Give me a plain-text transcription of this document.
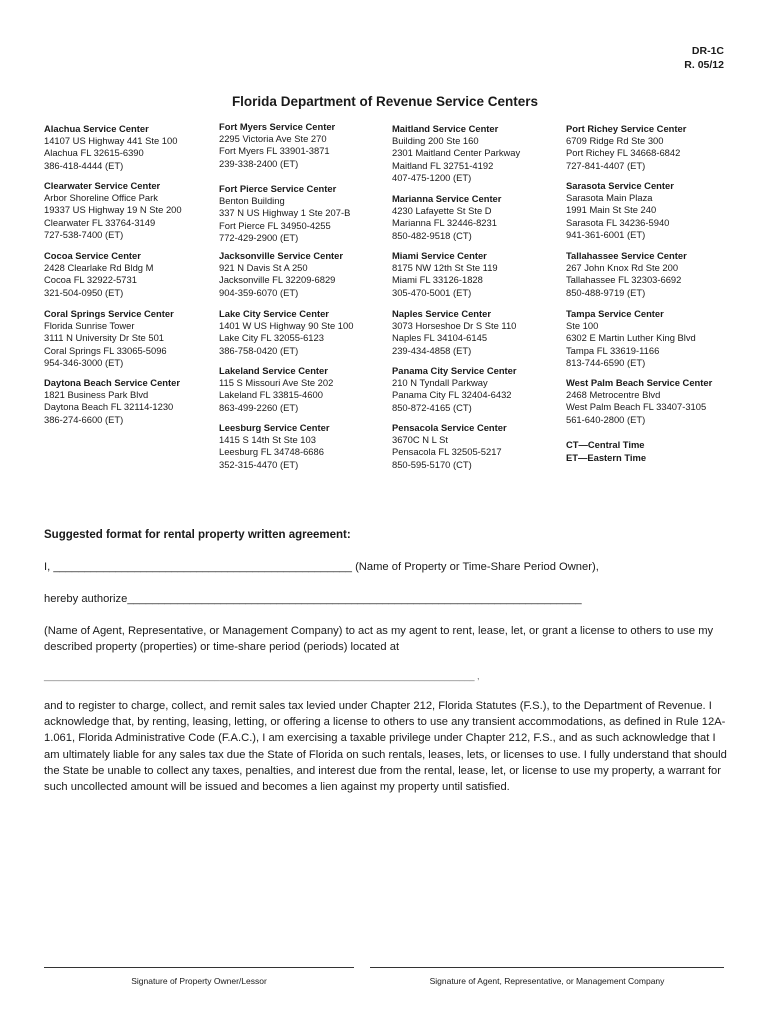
DR-1C
R. 05/12
Florida Department of Revenue Service Centers
Alachua Service Center
14107 US Highway 441 Ste 100
Alachua FL 32615-6390
386-418-4444 (ET)
Clearwater Service Center
Arbor Shoreline Office Park
19337 US Highway 19 N Ste 200
Clearwater FL 33764-3149
727-538-7400 (ET)
Cocoa Service Center
2428 Clearlake Rd Bldg M
Cocoa FL 32922-5731
321-504-0950 (ET)
Coral Springs Service Center
Florida Sunrise Tower
3111 N University Dr Ste 501
Coral Springs FL 33065-5096
954-346-3000 (ET)
Daytona Beach Service Center
1821 Business Park Blvd
Daytona Beach FL 32114-1230
386-274-6600 (ET)
Fort Myers Service Center
2295 Victoria Ave Ste 270
Fort Myers FL 33901-3871
239-338-2400 (ET)
Fort Pierce Service Center
Benton Building
337 N US Highway 1 Ste 207-B
Fort Pierce FL 34950-4255
772-429-2900 (ET)
Jacksonville Service Center
921 N Davis St A 250
Jacksonville FL 32209-6829
904-359-6070 (ET)
Lake City Service Center
1401 W US Highway 90 Ste 100
Lake City FL 32055-6123
386-758-0420 (ET)
Lakeland Service Center
115 S Missouri Ave Ste 202
Lakeland FL 33815-4600
863-499-2260 (ET)
Leesburg Service Center
1415 S 14th St Ste 103
Leesburg FL 34748-6686
352-315-4470 (ET)
Maitland Service Center
Building 200 Ste 160
2301 Maitland Center Parkway
Maitland FL 32751-4192
407-475-1200 (ET)
Marianna Service Center
4230 Lafayette St Ste D
Marianna FL 32446-8231
850-482-9518 (CT)
Miami Service Center
8175 NW 12th St Ste 119
Miami FL 33126-1828
305-470-5001 (ET)
Naples Service Center
3073 Horseshoe Dr S Ste 110
Naples FL 34104-6145
239-434-4858 (ET)
Panama City Service Center
210 N Tyndall Parkway
Panama City FL 32404-6432
850-872-4165 (CT)
Pensacola Service Center
3670C N L St
Pensacola FL 32505-5217
850-595-5170 (CT)
Port Richey Service Center
6709 Ridge Rd Ste 300
Port Richey FL 34668-6842
727-841-4407 (ET)
Sarasota Service Center
Sarasota Main Plaza
1991 Main St Ste 240
Sarasota FL 34236-5940
941-361-6001 (ET)
Tallahassee Service Center
267 John Knox Rd Ste 200
Tallahassee FL 32303-6692
850-488-9719 (ET)
Tampa Service Center
Ste 100
6302 E Martin Luther King Blvd
Tampa FL 33619-1166
813-744-6590 (ET)
West Palm Beach Service Center
2468 Metrocentre Blvd
West Palm Beach FL 33407-3105
561-640-2800 (ET)
CT—Central Time
ET—Eastern Time
Suggested format for rental property written agreement:
I, ________________________________________________ (Name of Property or Time-Share Period Owner),
hereby authorize_________________________________________________________________________
(Name of Agent, Representative, or Management Company) to act as my agent to rent, lease, let, or grant a license to others to use my described property (properties) or time-share period (periods) located at
______________________________________________________________________________________ ,
and to register to charge, collect, and remit sales tax levied under Chapter 212, Florida Statutes (F.S.), to the Department of Revenue. I acknowledge that, by renting, leasing, letting, or offering a license to others to use any transient accommodations, as defined in Rule 12A-1.061, Florida Administrative Code (F.A.C.), I am exercising a taxable privilege under Chapter 212, F.S., and as such acknowledge that I am ultimately liable for any sales tax due the State of Florida on such rentals, leases, lets, or licenses to use. I fully understand that should the State be unable to collect any taxes, penalties, and interest due from the rental, lease, let, or license to use my property, a warrant for such uncollected amount will be issued and becomes a lien against my property until satisfied.
Signature of Property Owner/Lessor	Signature of Agent, Representative, or Management Company
